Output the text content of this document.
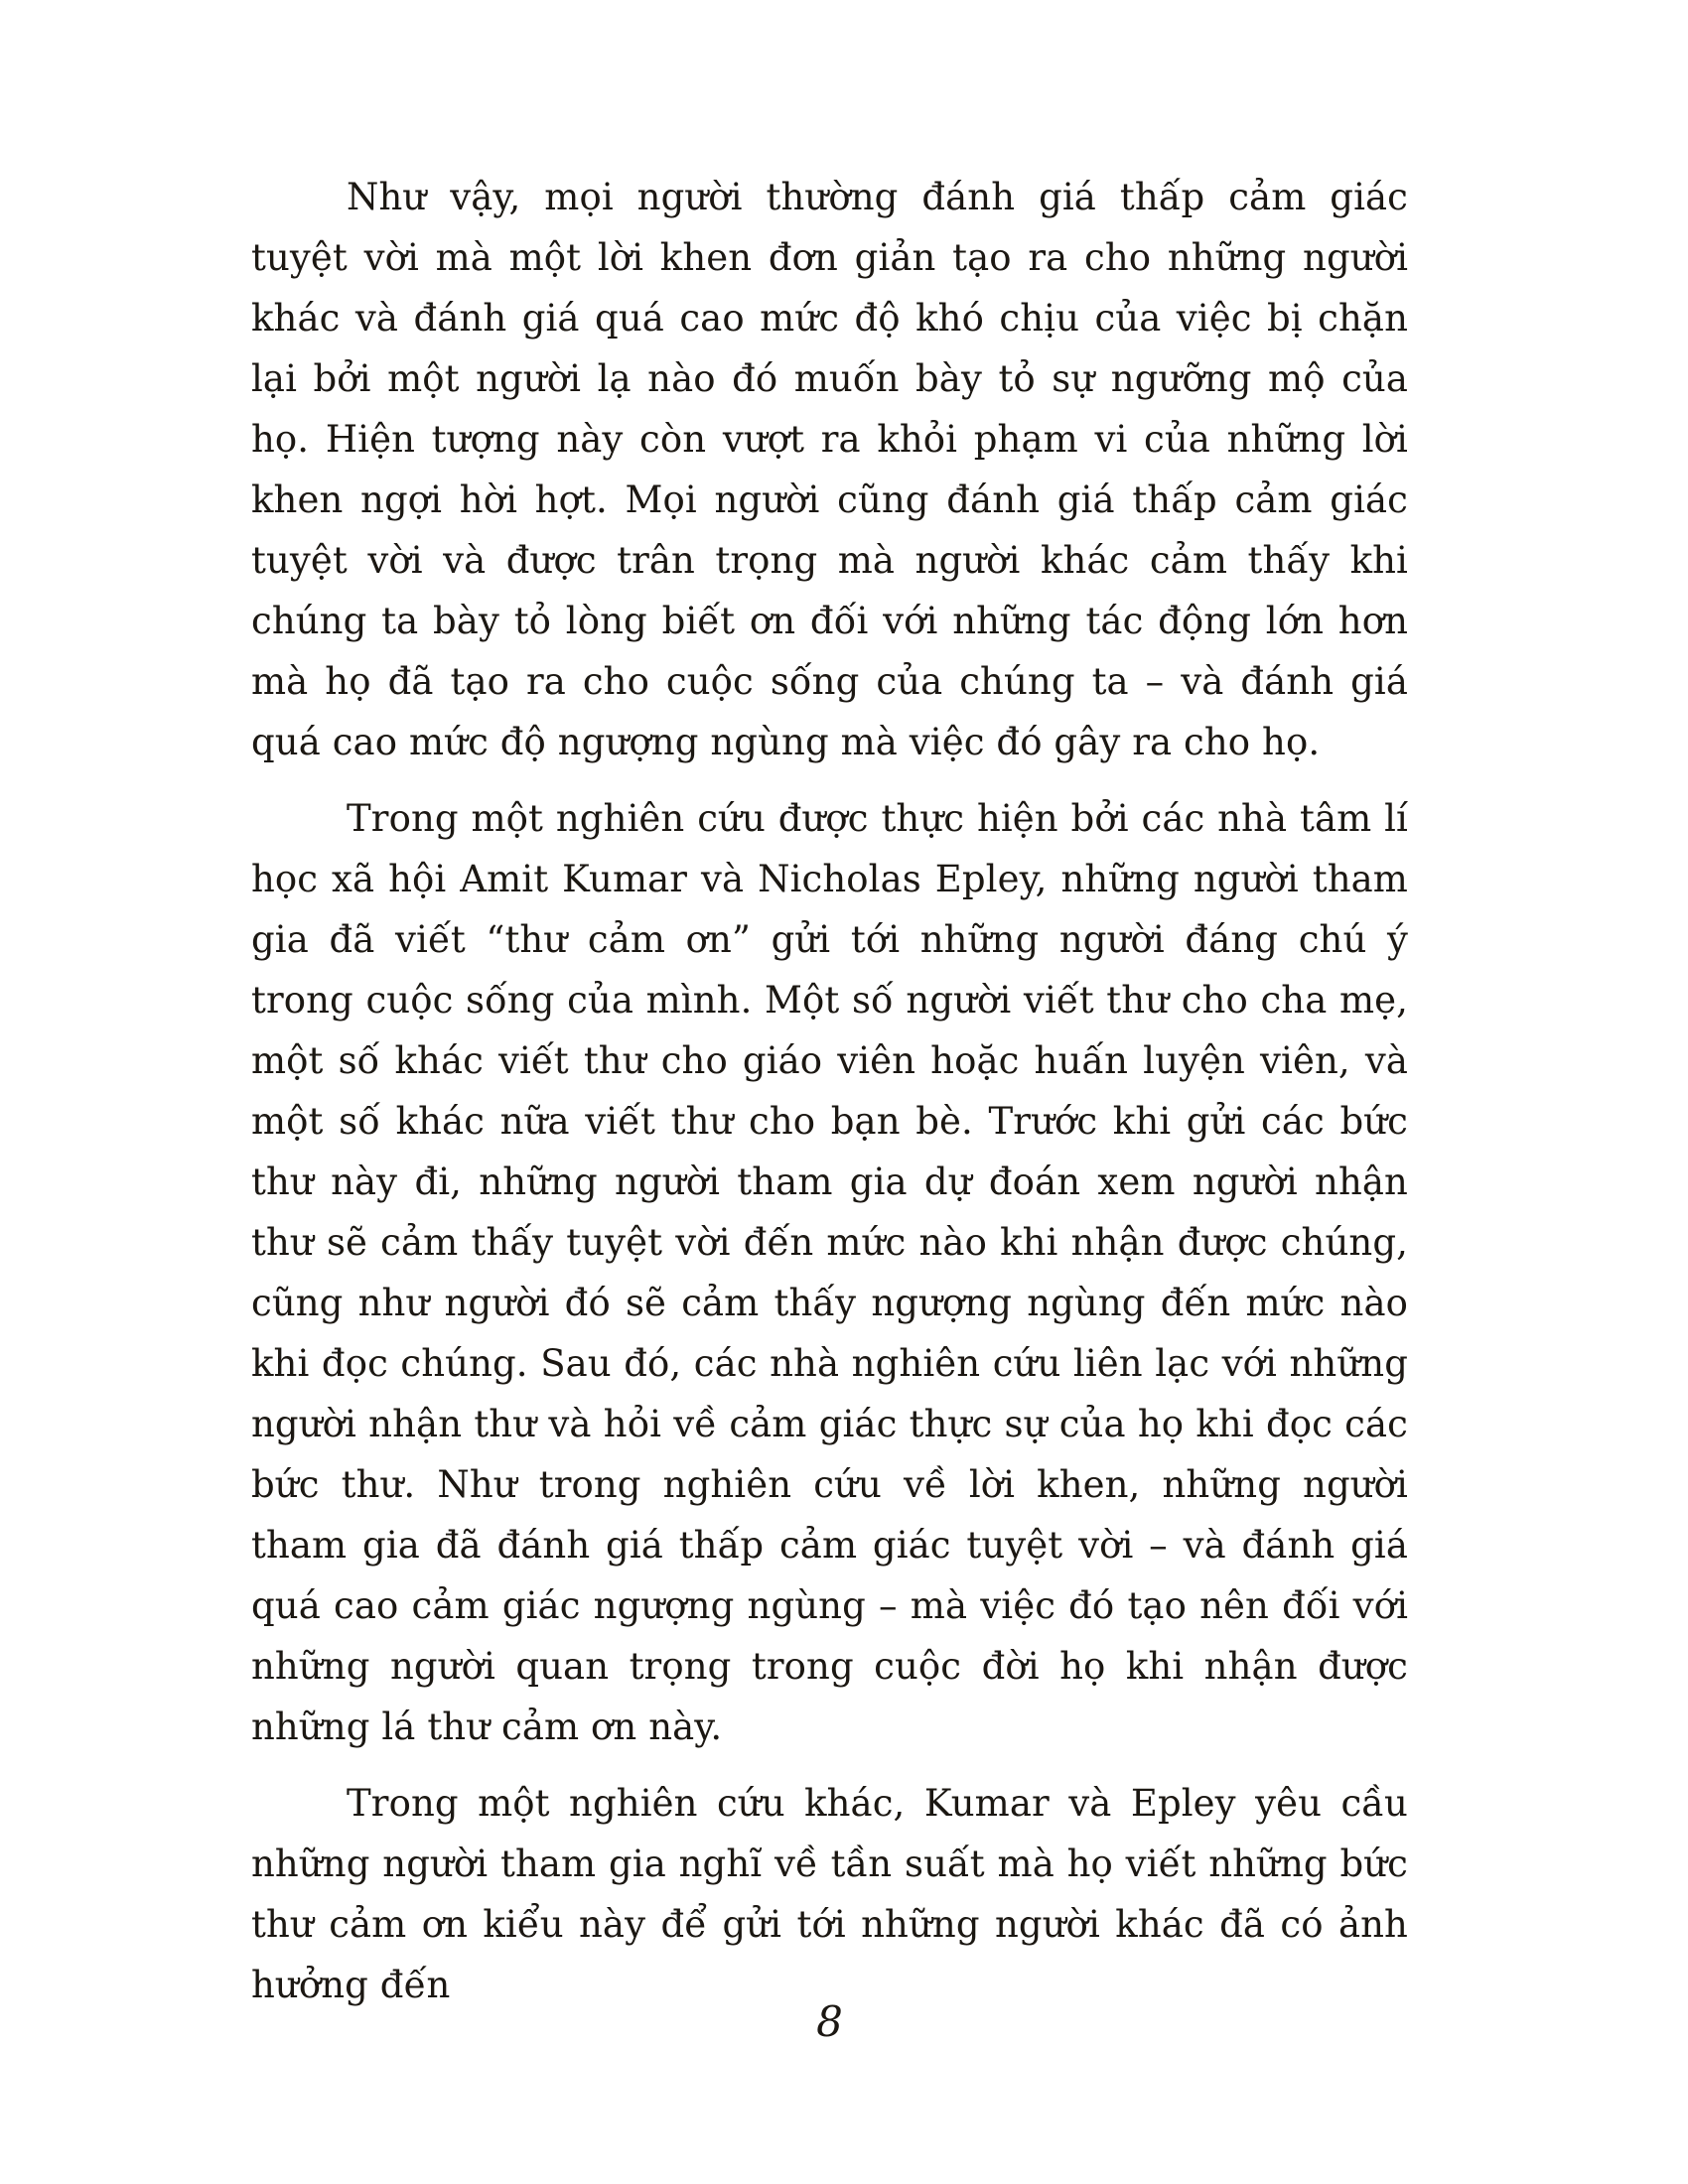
Như vậy, mọi người thường đánh giá thấp cảm giác tuyệt vời mà một lời khen đơn giản tạo ra cho những người khác và đánh giá quá cao mức độ khó chịu của việc bị chặn lại bởi một người lạ nào đó muốn bày tỏ sự ngưỡng mộ của họ. Hiện tượng này còn vượt ra khỏi phạm vi của những lời khen ngợi hời hợt. Mọi người cũng đánh giá thấp cảm giác tuyệt vời và được trân trọng mà người khác cảm thấy khi chúng ta bày tỏ lòng biết ơn đối với những tác động lớn hơn mà họ đã tạo ra cho cuộc sống của chúng ta – và đánh giá quá cao mức độ ngượng ngùng mà việc đó gây ra cho họ.

Trong một nghiên cứu được thực hiện bởi các nhà tâm lí học xã hội Amit Kumar và Nicholas Epley, những người tham gia đã viết “thư cảm ơn” gửi tới những người đáng chú ý trong cuộc sống của mình. Một số người viết thư cho cha mẹ, một số khác viết thư cho giáo viên hoặc huấn luyện viên, và một số khác nữa viết thư cho bạn bè. Trước khi gửi các bức thư này đi, những người tham gia dự đoán xem người nhận thư sẽ cảm thấy tuyệt vời đến mức nào khi nhận được chúng, cũng như người đó sẽ cảm thấy ngượng ngùng đến mức nào khi đọc chúng. Sau đó, các nhà nghiên cứu liên lạc với những người nhận thư và hỏi về cảm giác thực sự của họ khi đọc các bức thư. Như trong nghiên cứu về lời khen, những người tham gia đã đánh giá thấp cảm giác tuyệt vời – và đánh giá quá cao cảm giác ngượng ngùng – mà việc đó tạo nên đối với những người quan trọng trong cuộc đời họ khi nhận được những lá thư cảm ơn này.

Trong một nghiên cứu khác, Kumar và Epley yêu cầu những người tham gia nghĩ về tần suất mà họ viết những bức thư cảm ơn kiểu này để gửi tới những người khác đã có ảnh hưởng đến

8
